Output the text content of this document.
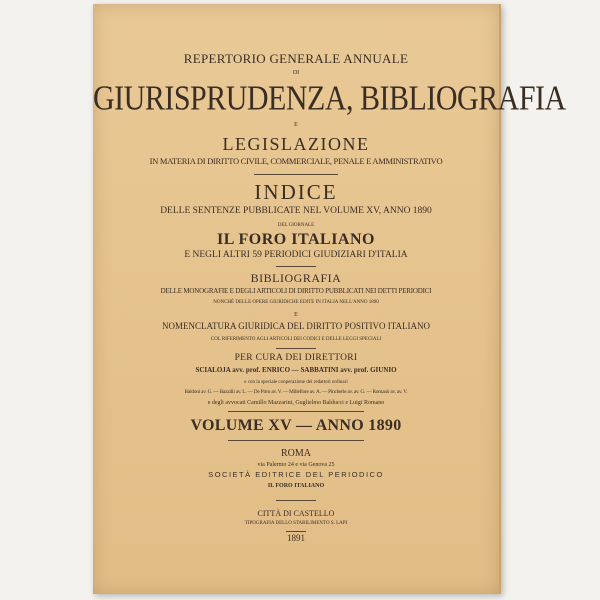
REPERTORIO GENERALE ANNUALE
DI
GIURISPRUDENZA, BIBLIOGRAFIA
E
LEGISLAZIONE
IN MATERIA DI DIRITTO CIVILE, COMMERCIALE, PENALE E AMMINISTRATIVO
INDICE
DELLE SENTENZE PUBBLICATE NEL VOLUME XV, ANNO 1890
DEL GIORNALE
IL FORO ITALIANO
E NEGLI ALTRI 59 PERIODICI GIUDIZIARI D'ITALIA
BIBLIOGRAFIA
DELLE MONOGRAFIE E DEGLI ARTICOLI DI DIRITTO PUBBLICATI NEI DETTI PERIODICI
NONCHÈ DELLE OPERE GIURIDICHE EDITE IN ITALIA NELL'ANNO 1890
E
NOMENCLATURA GIURIDICA DEL DIRITTO POSITIVO ITALIANO
COL RIFERIMENTO AGLI ARTICOLI DEI CODICI E DELLE LEGGI SPECIALI
PER CURA DEI DIRETTORI
SCIALOJA avv. prof. ENRICO — SABBATINI avv. prof. GIUNIO
e con la speciale cooperazione dei redattori ordinari
Baldoni av. G. — Bazzilli av. L. — De Pirro av. V. — Millefiore av. A. — Pincherle av. av. G. — Romanò av. av. V.
e degli avvocati Camillo Mazzarini, Guglielmo Balducci e Luigi Romano
VOLUME XV — ANNO 1890
ROMA
via Palermo 24 e via Genova 25
SOCIETÀ EDITRICE DEL PERIODICO
IL FORO ITALIANO
CITTÀ DI CASTELLO
TIPOGRAFIA DELLO STABILIMENTO S. LAPI
1891
